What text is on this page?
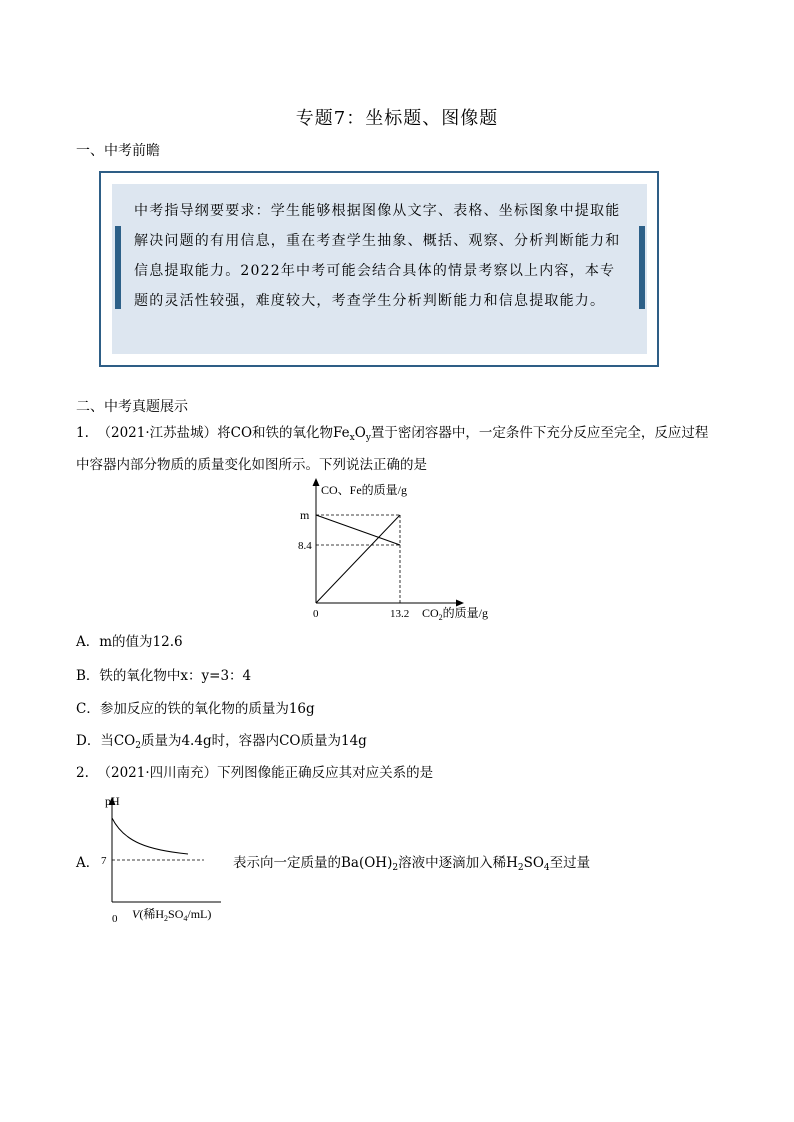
专题7：坐标题、图像题
一、中考前瞻
中考指导纲要要求：学生能够根据图像从文字、表格、坐标图象中提取能解决问题的有用信息，重在考查学生抽象、概括、观察、分析判断能力和信息提取能力。2022年中考可能会结合具体的情景考察以上内容，本专题的灵活性较强，难度较大，考查学生分析判断能力和信息提取能力。
二、中考真题展示
1. （2021·江苏盐城）将CO和铁的氧化物$Fe_xO_y$置于密闭容器中，一定条件下充分反应至完全，反应过程
中容器内部分物质的质量变化如图所示。下列说法正确的是
CO、Fe的质量/g
m
8.4
0	13.2 $CO_2$的质量/g
A．m的值为12.6
B．铁的氧化物中x：y=3：4
C．参加反应的铁的氧化物的质量为16g
D．当$CO_2$质量为4.4g时，容器内CO质量为14g
2. （2021·四川南充）下列图像能正确反应其对应关系的是
A．
pH
7
0 V(稀$H_2SO_4/mL$)
表示向一定质量的$Ba(OH)_2$溶液中逐滴加入稀$H_2SO_4$至过量
